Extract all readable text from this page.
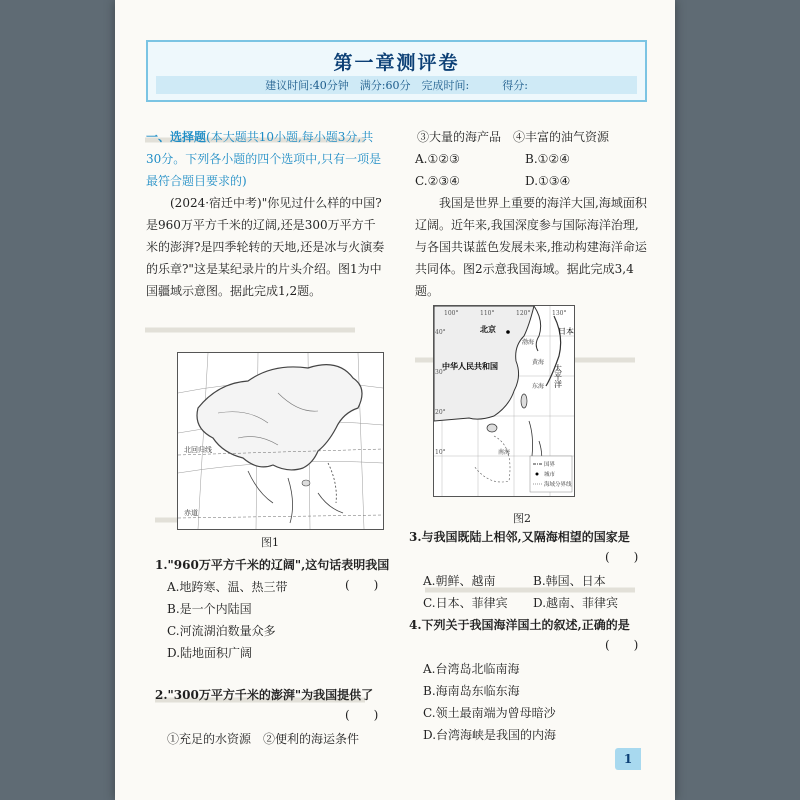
第一章测评卷
建议时间:40分钟　满分:60分　完成时间:　　　得分:

一、选择题(本大题共10小题,每小题3分,共30分。下列各小题的四个选项中,只有一项是最符合题目要求的)

(2024·宿迁中考)"你见过什么样的中国?是960万平方千米的辽阔,还是300万平方千米的澎湃?是四季轮转的天地,还是冰与火演奏的乐章?"这是某纪录片的片头介绍。图1为中国疆域示意图。据此完成1,2题。

北回归线
赤道
图1

1."960万平方千米的辽阔",这句话表明我国

A.地跨寒、温、热三带

B.是一个内陆国

C.河流湖泊数量众多

D.陆地面积广阔

(　　)

2."300万平方千米的澎湃"为我国提供了

①充足的水资源　②便利的海运条件

(　　)

③大量的海产品　④丰富的油气资源

A.①②③	B.①②④

C.②③④	D.①③④

我国是世界上重要的海洋大国,海域面积辽阔。近年来,我国深度参与国际海洋治理,与各国共谋蓝色发展未来,推动构建海洋命运共同体。图2示意我国海域。据此完成3,4题。

100°	110°	120°	130°
40°
30°
20°
10°
北京
中华人民共和国
渤海
黄海
东海
南海
日本
太平洋
国界
城市
海域分界线
图2

3.与我国既陆上相邻,又隔海相望的国家是

A.朝鲜、越南	B.韩国、日本

C.日本、菲律宾 D.越南、菲律宾

(　　)

4.下列关于我国海洋国土的叙述,正确的是

A.台湾岛北临南海

B.海南岛东临东海

C.领土最南端为曾母暗沙

D.台湾海峡是我国的内海

(　　)
1
